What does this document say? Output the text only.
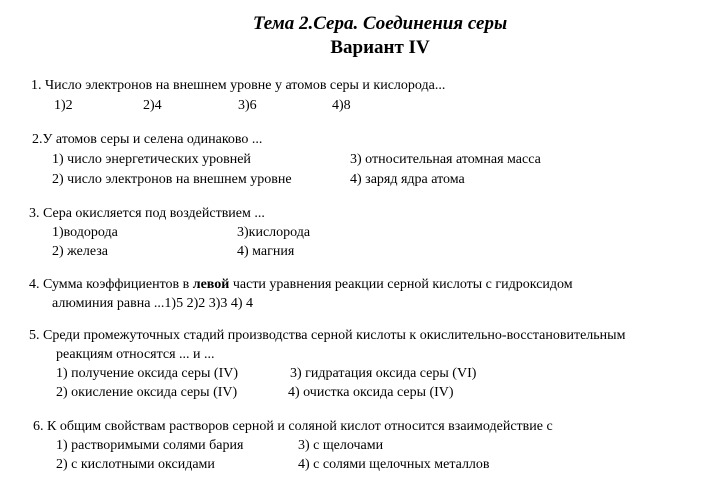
Тема 2.Сера. Соединения серы
Вариант IV
1. Число электронов на внешнем уровне у атомов серы и кислорода...
1)2	2)4	3)6	4)8
2.У атомов серы и селена одинаково ...
1) число энергетических уровней	3) относительная атомная масса
2) число электронов на внешнем уровне	4) заряд ядра атома
3. Сера окисляется под воздействием ...
1)водорода	3)кислорода
2) железа	4) магния
4. Сумма коэффициентов в левой части уравнения реакции серной кислоты с гидроксидом
алюминия равна ...1)5 2)2 3)3 4) 4
5. Среди промежуточных стадий производства серной кислоты к окислительно-восстановительным
реакциям относятся ... и ...
1) получение оксида серы (IV)	3) гидратация оксида серы (VI)
2) окисление оксида серы (IV)	4) очистка оксида серы (IV)
6. К общим свойствам растворов серной и соляной кислот относится взаимодействие с
1) растворимыми солями бария	3) с щелочами
2) с кислотными оксидами	4) с солями щелочных металлов
